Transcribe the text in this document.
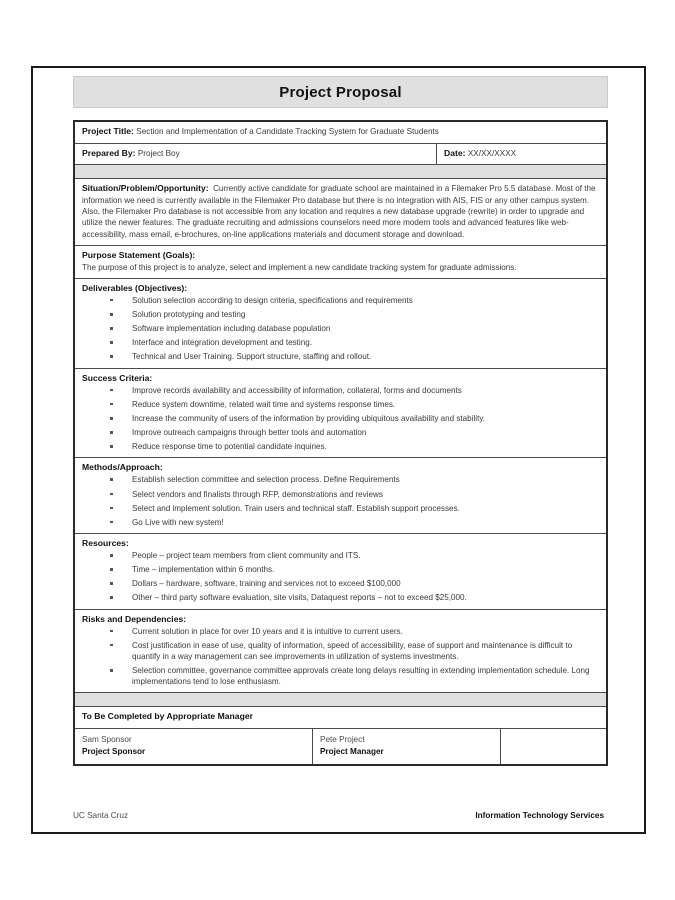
Project Proposal
Project Title: Section and Implementation of a Candidate Tracking System for Graduate Students
Prepared By: Project Boy	Date: XX/XX/XXXX

Situation/Problem/Opportunity: Currently active candidate for graduate school are maintained in a Filemaker Pro 5.5 database. Most of the information we need is currently available in the Filemaker Pro database but there is no integration with AIS, FIS or any other campus system. Also, the Filemaker Pro database is not accessible from any location and requires a new database upgrade (rewrite) in order to upgrade and utilize the newer features. The graduate recruiting and admissions counselors need more modern tools and advanced features like web-accessibility, mass email, e-brochures, on-line applications materials and document storage and download.

Purpose Statement (Goals):

The purpose of this project is to analyze, select and implement a new candidate tracking system for graduate admissions.

Deliverables (Objectives):
Solution selection according to design criteria, specifications and requirements
Solution prototyping and testing
Software implementation including database population
Interface and integration development and testing.
Technical and User Training. Support structure, staffing and rollout.
Success Criteria:
Improve records availability and accessibility of information, collateral, forms and documents
Reduce system downtime, related wait time and systems response times.
Increase the community of users of the information by providing ubiquitous availability and stability.
Improve outreach campaigns through better tools and automation
Reduce response time to potential candidate inquiries.
Methods/Approach:
Establish selection committee and selection process. Define Requirements
Select vendors and finalists through RFP, demonstrations and reviews
Select and implement solution. Train users and technical staff. Establish support processes.
Go Live with new system!
Resources:
People – project team members from client community and ITS.
Time – implementation within 6 months.
Dollars – hardware, software, training and services not to exceed $100,000
Other – third party software evaluation, site visits, Dataquest reports – not to exceed $25,000.
Risks and Dependencies:
Current solution in place for over 10 years and it is intuitive to current users.
Cost justification in ease of use, quality of information, speed of accessibility, ease of support and maintenance is difficult to quantify in a way management can see improvements in utilization of systems investments.
Selection committee, governance committee approvals create long delays resulting in extending implementation schedule. Long implementations tend to lose enthusiasm.
To Be Completed by Appropriate Manager
Sam Sponsor
Project Sponsor
Pete Project
Project Manager
UC Santa Cruz	Information Technology Services
